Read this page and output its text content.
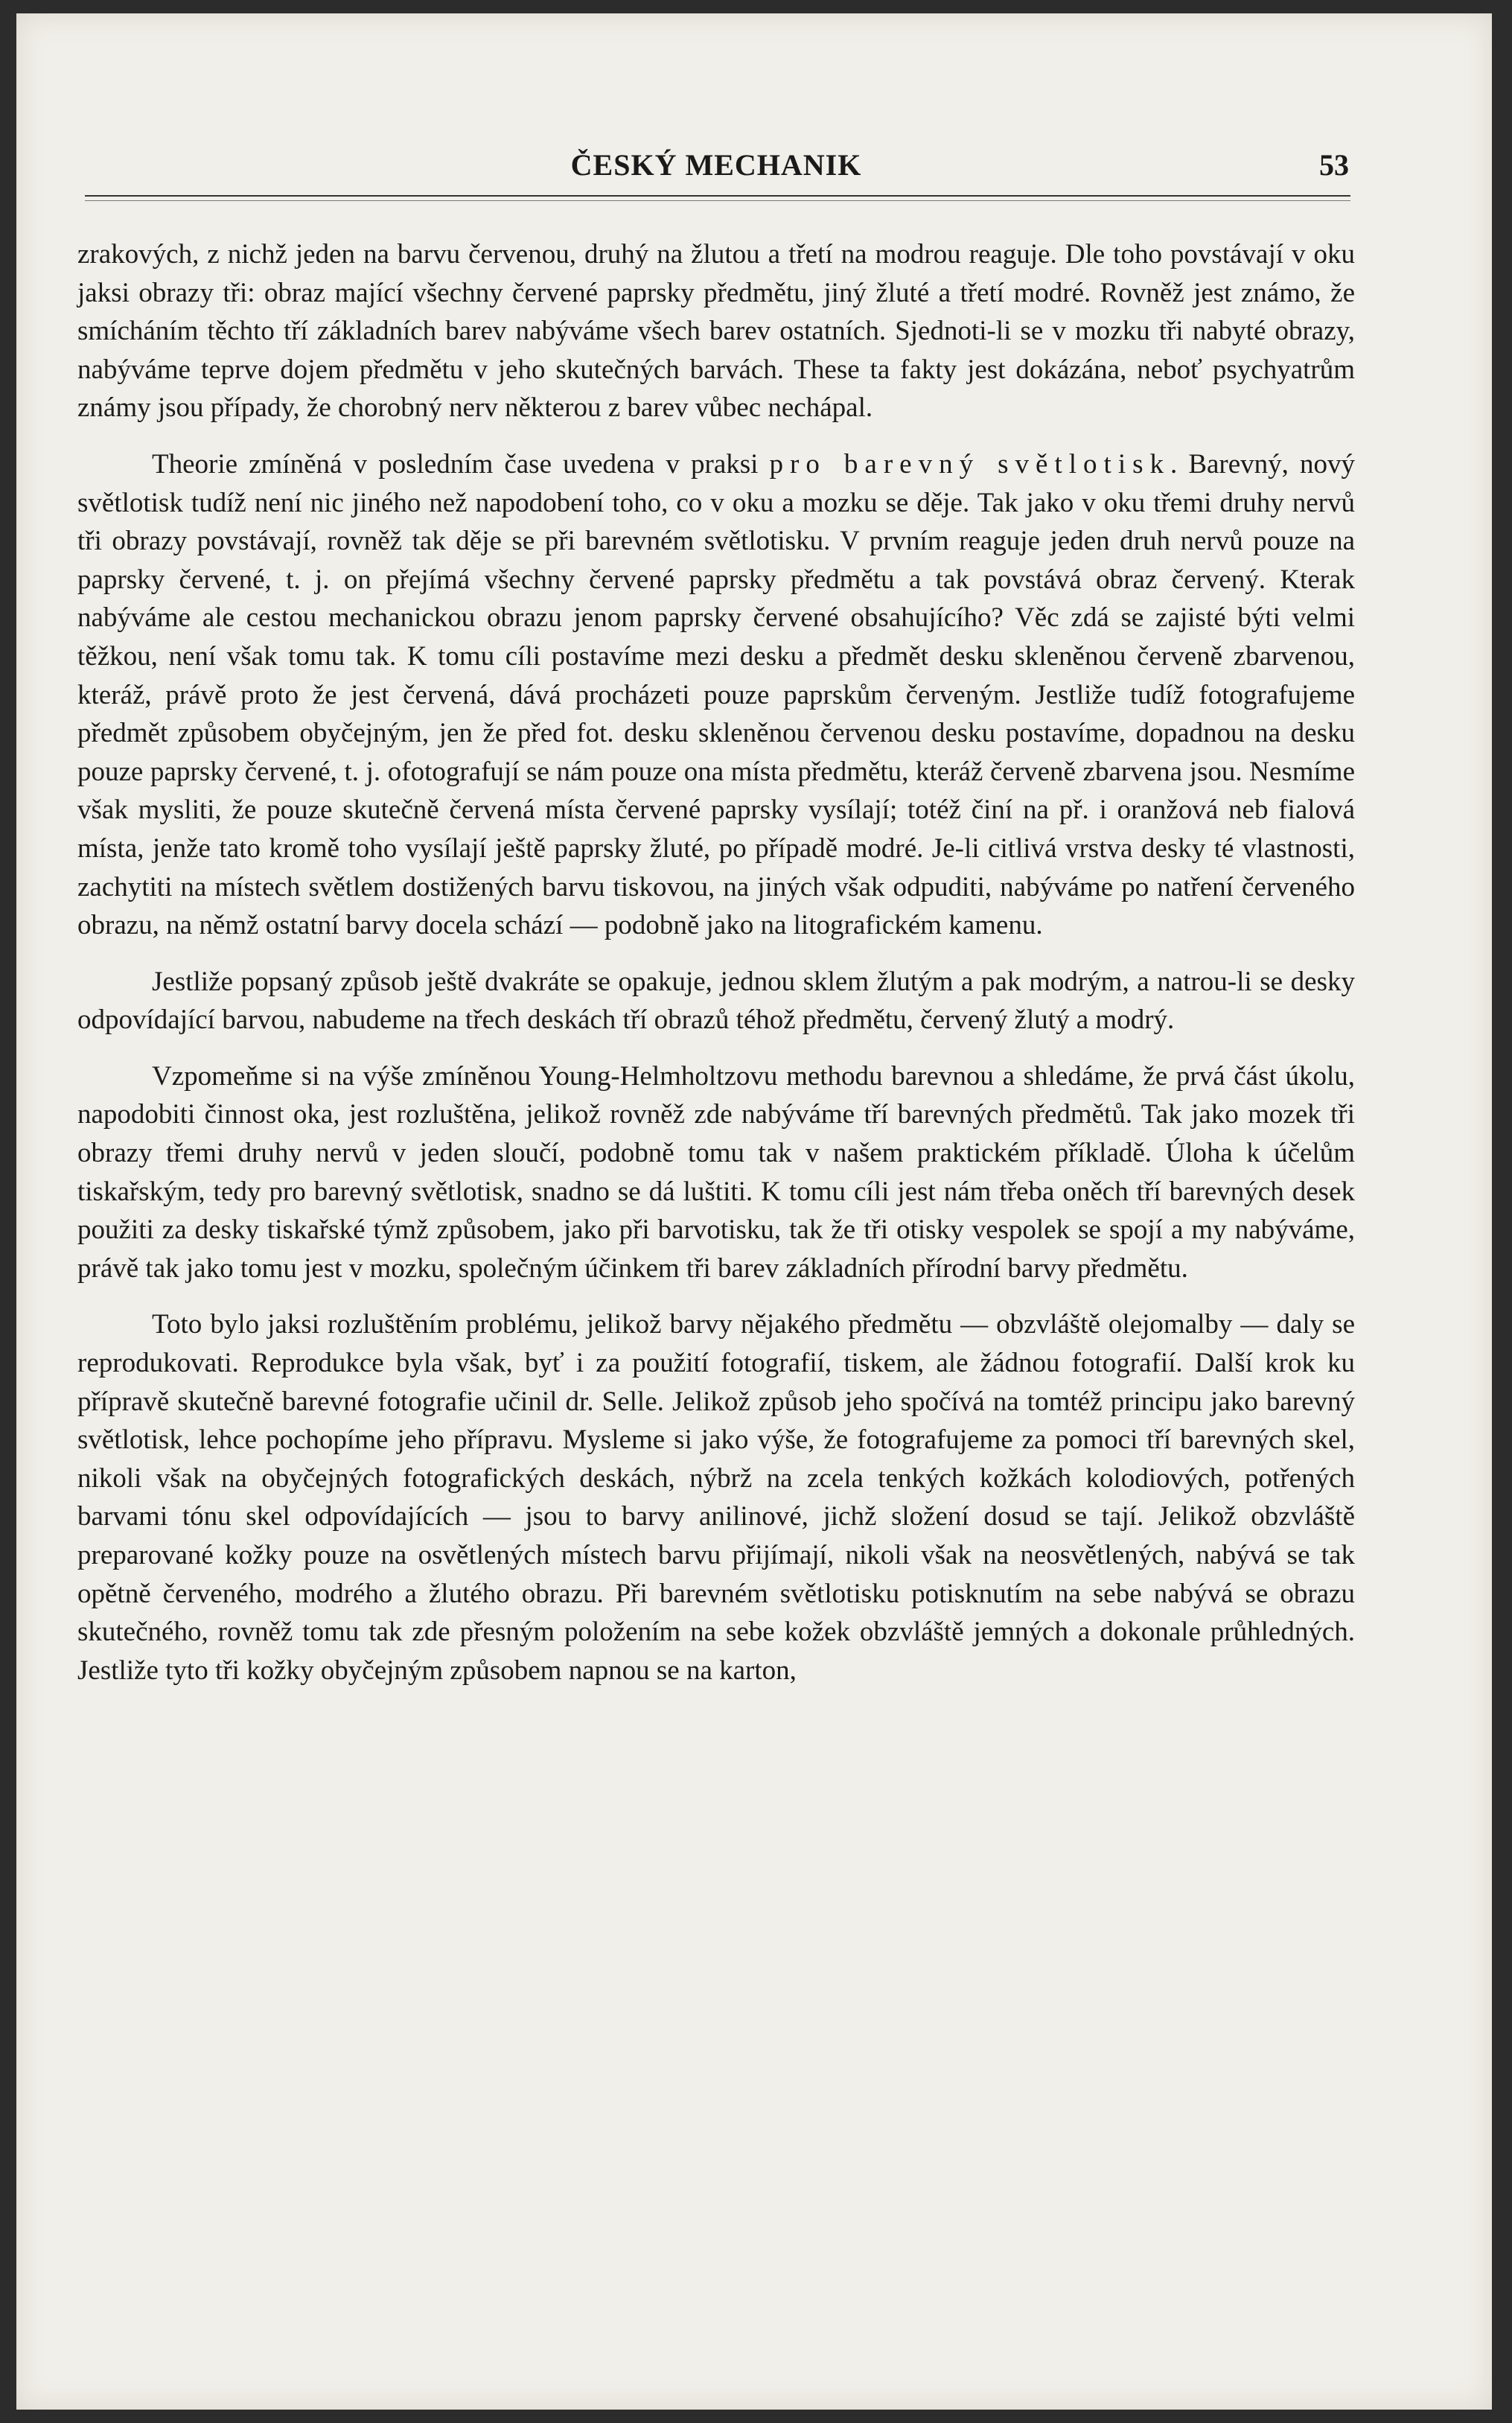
ČESKÝ MECHANIK	53

zrakových, z nichž jeden na barvu červenou, druhý na žlutou a třetí na modrou reaguje. Dle toho povstávají v oku jaksi obrazy tři: obraz mající všechny červené paprsky předmětu, jiný žluté a třetí modré. Rovněž jest známo, že smícháním těchto tří základních barev nabýváme všech barev ostatních. Sjednoti-li se v mozku tři nabyté obrazy, nabýváme teprve dojem předmětu v jeho skutečných barvách. These ta fakty jest dokázána, neboť psychyatrům známy jsou případy, že chorobný nerv některou z barev vůbec nechápal.

Theorie zmíněná v posledním čase uvedena v praksi pro barevný světlotisk. Barevný, nový světlotisk tudíž není nic jiného než napodobení toho, co v oku a mozku se děje. Tak jako v oku třemi druhy nervů tři obrazy povstávají, rovněž tak děje se při barevném světlotisku. V prvním reaguje jeden druh nervů pouze na paprsky červené, t. j. on přejímá všechny červené paprsky předmětu a tak povstává obraz červený. Kterak nabýváme ale cestou mechanickou obrazu jenom paprsky červené obsahujícího? Věc zdá se zajisté býti velmi těžkou, není však tomu tak. K tomu cíli postavíme mezi desku a předmět desku skleněnou červeně zbarvenou, kteráž, právě proto že jest červená, dává procházeti pouze paprskům červeným. Jestliže tudíž fotografujeme předmět způsobem obyčejným, jen že před fot. desku skleněnou červenou desku postavíme, dopadnou na desku pouze paprsky červené, t. j. ofotografují se nám pouze ona místa předmětu, kteráž červeně zbarvena jsou. Nesmíme však mysliti, že pouze skutečně červená místa červené paprsky vysílají; totéž činí na př. i oranžová neb fialová místa, jenže tato kromě toho vysílají ještě paprsky žluté, po případě modré. Je-li citlivá vrstva desky té vlastnosti, zachytiti na místech světlem dostižených barvu tiskovou, na jiných však odpuditi, nabýváme po natření červeného obrazu, na němž ostatní barvy docela schází — podobně jako na litografickém kamenu.

Jestliže popsaný způsob ještě dvakráte se opakuje, jednou sklem žlutým a pak modrým, a natrou-li se desky odpovídající barvou, nabudeme na třech deskách tří obrazů téhož předmětu, červený žlutý a modrý.

Vzpomeňme si na výše zmíněnou Young-Helmholtzovu methodu barevnou a shledáme, že prvá část úkolu, napodobiti činnost oka, jest rozluštěna, jelikož rovněž zde nabýváme tří barevných předmětů. Tak jako mozek tři obrazy třemi druhy nervů v jeden sloučí, podobně tomu tak v našem praktickém příkladě. Úloha k účelům tiskařským, tedy pro barevný světlotisk, snadno se dá luštiti. K tomu cíli jest nám třeba oněch tří barevných desek použiti za desky tiskařské týmž způsobem, jako při barvotisku, tak že tři otisky vespolek se spojí a my nabýváme, právě tak jako tomu jest v mozku, společným účinkem tři barev základních přírodní barvy předmětu.

Toto bylo jaksi rozluštěním problému, jelikož barvy nějakého předmětu — obzvláště olejomalby — daly se reprodukovati. Reprodukce byla však, byť i za použití fotografií, tiskem, ale žádnou fotografií. Další krok ku přípravě skutečně barevné fotografie učinil dr. Selle. Jelikož způsob jeho spočívá na tomtéž principu jako barevný světlotisk, lehce pochopíme jeho přípravu. Mysleme si jako výše, že fotografujeme za pomoci tří barevných skel, nikoli však na obyčejných fotografických deskách, nýbrž na zcela tenkých kožkách kolodiových, potřených barvami tónu skel odpovídajících — jsou to barvy anilinové, jichž složení dosud se tají. Jelikož obzvláště preparované kožky pouze na osvětlených místech barvu přijímají, nikoli však na neosvětlených, nabývá se tak opětně červeného, modrého a žlutého obrazu. Při barevném světlotisku potisknutím na sebe nabývá se obrazu skutečného, rovněž tomu tak zde přesným položením na sebe kožek obzvláště jemných a dokonale průhledných. Jestliže tyto tři kožky obyčejným způsobem napnou se na karton,
